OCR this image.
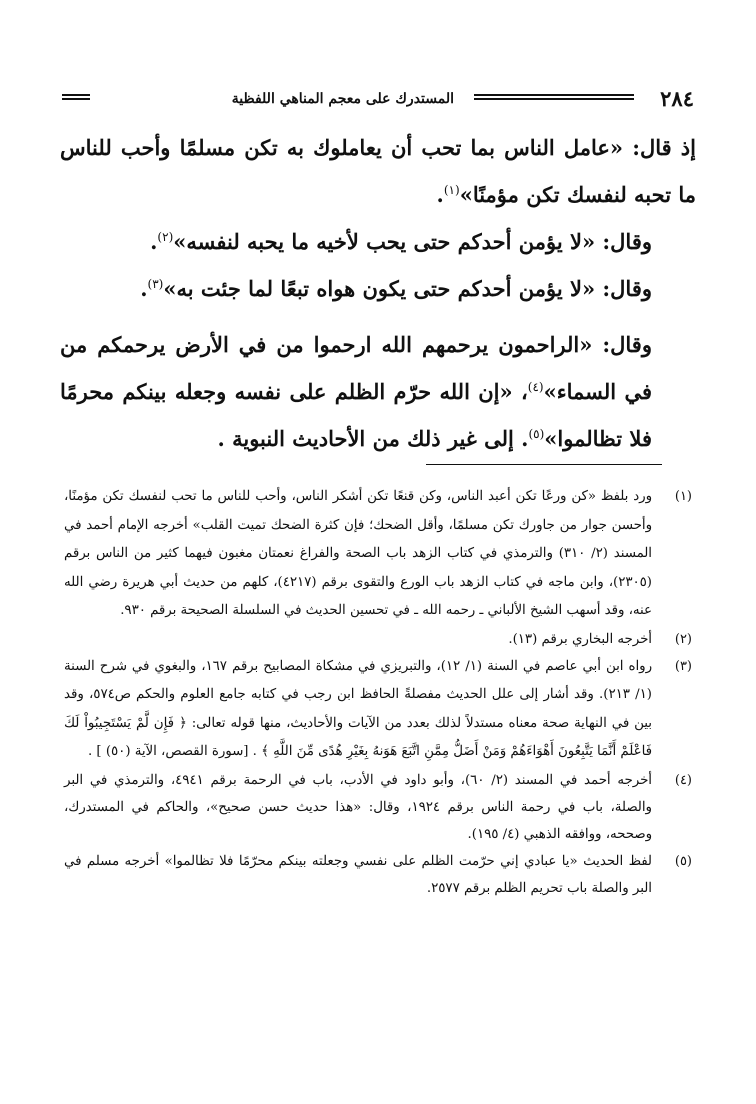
٢٨٤
المستدرك على معجم المناهي اللفظية

إذ قال: «عامل الناس بما تحب أن يعاملوك به تكن مسلمًا وأحب للناس ما تحبه لنفسك تكن مؤمنًا»$^{(١)}$.

وقال: «لا يؤمن أحدكم حتى يحب لأخيه ما يحبه لنفسه»$^{(٢)}$.

وقال: «لا يؤمن أحدكم حتى يكون هواه تبعًا لما جئت به»$^{(٣)}$.

وقال: «الراحمون يرحمهم الله ارحموا من في الأرض يرحمكم من في السماء»$^{(٤)}$، «إن الله حرّم الظلم على نفسه وجعله بينكم محرمًا فلا تظالموا»$^{(٥)}$. إلى غير ذلك من الأحاديث النبوية .

(١)
ورد بلفظ «كن ورعًا تكن أعبد الناس، وكن قنعًا تكن أشكر الناس، وأحب للناس ما تحب لنفسك تكن مؤمنًا، وأحسن جوار من جاورك تكن مسلمًا، وأقل الضحك؛ فإن كثرة الضحك تميت القلب» أخرجه الإمام أحمد في المسند (٢/ ٣١٠) والترمذي في كتاب الزهد باب الصحة والفراغ نعمتان مغبون فيهما كثير من الناس برقم (٢٣٠٥)، وابن ماجه في كتاب الزهد باب الورع والتقوى برقم (٤٢١٧)، كلهم من حديث أبي هريرة رضي الله عنه، وقد أسهب الشيخ الألباني ـ رحمه الله ـ في تحسين الحديث في السلسلة الصحيحة برقم ٩٣٠.
(٢)
أخرجه البخاري برقم (١٣).
(٣)
رواه ابن أبي عاصم في السنة (١/ ١٢)، والتبريزي في مشكاة المصابيح برقم ١٦٧، والبغوي في شرح السنة (١/ ٢١٣). وقد أشار إلى علل الحديث مفصلةً الحافظ ابن رجب في كتابه جامع العلوم والحكم ص٥٧٤، وقد بين في النهاية صحة معناه مستدلاً لذلك بعدد من الآيات والأحاديث، منها قوله تعالى: ﴿ فَإِن لَّمْ يَسْتَجِيبُواْ لَكَ فَاعْلَمْ أَنَّمَا يَتَّبِعُونَ أَهْوَاءَهُمْ وَمَنْ أَضَلُّ مِمَّنِ اتَّبَعَ هَوَنهُ بِغَيْرِ هُدًى مِّنَ اللَّهِ ﴾ . [سورة القصص، الآية (٥٠) ] .
(٤)
أخرجه أحمد في المسند (٢/ ٦٠)، وأبو داود في الأدب، باب في الرحمة برقم ٤٩٤١، والترمذي في البر والصلة، باب في رحمة الناس برقم ١٩٢٤، وقال: «هذا حديث حسن صحيح»، والحاكم في المستدرك، وصححه، ووافقه الذهبي (٤/ ١٩٥).
(٥)
لفظ الحديث «يا عبادي إني حرّمت الظلم على نفسي وجعلته بينكم محرّمًا فلا تظالموا» أخرجه مسلم في البر والصلة باب تحريم الظلم برقم ٢٥٧٧.
